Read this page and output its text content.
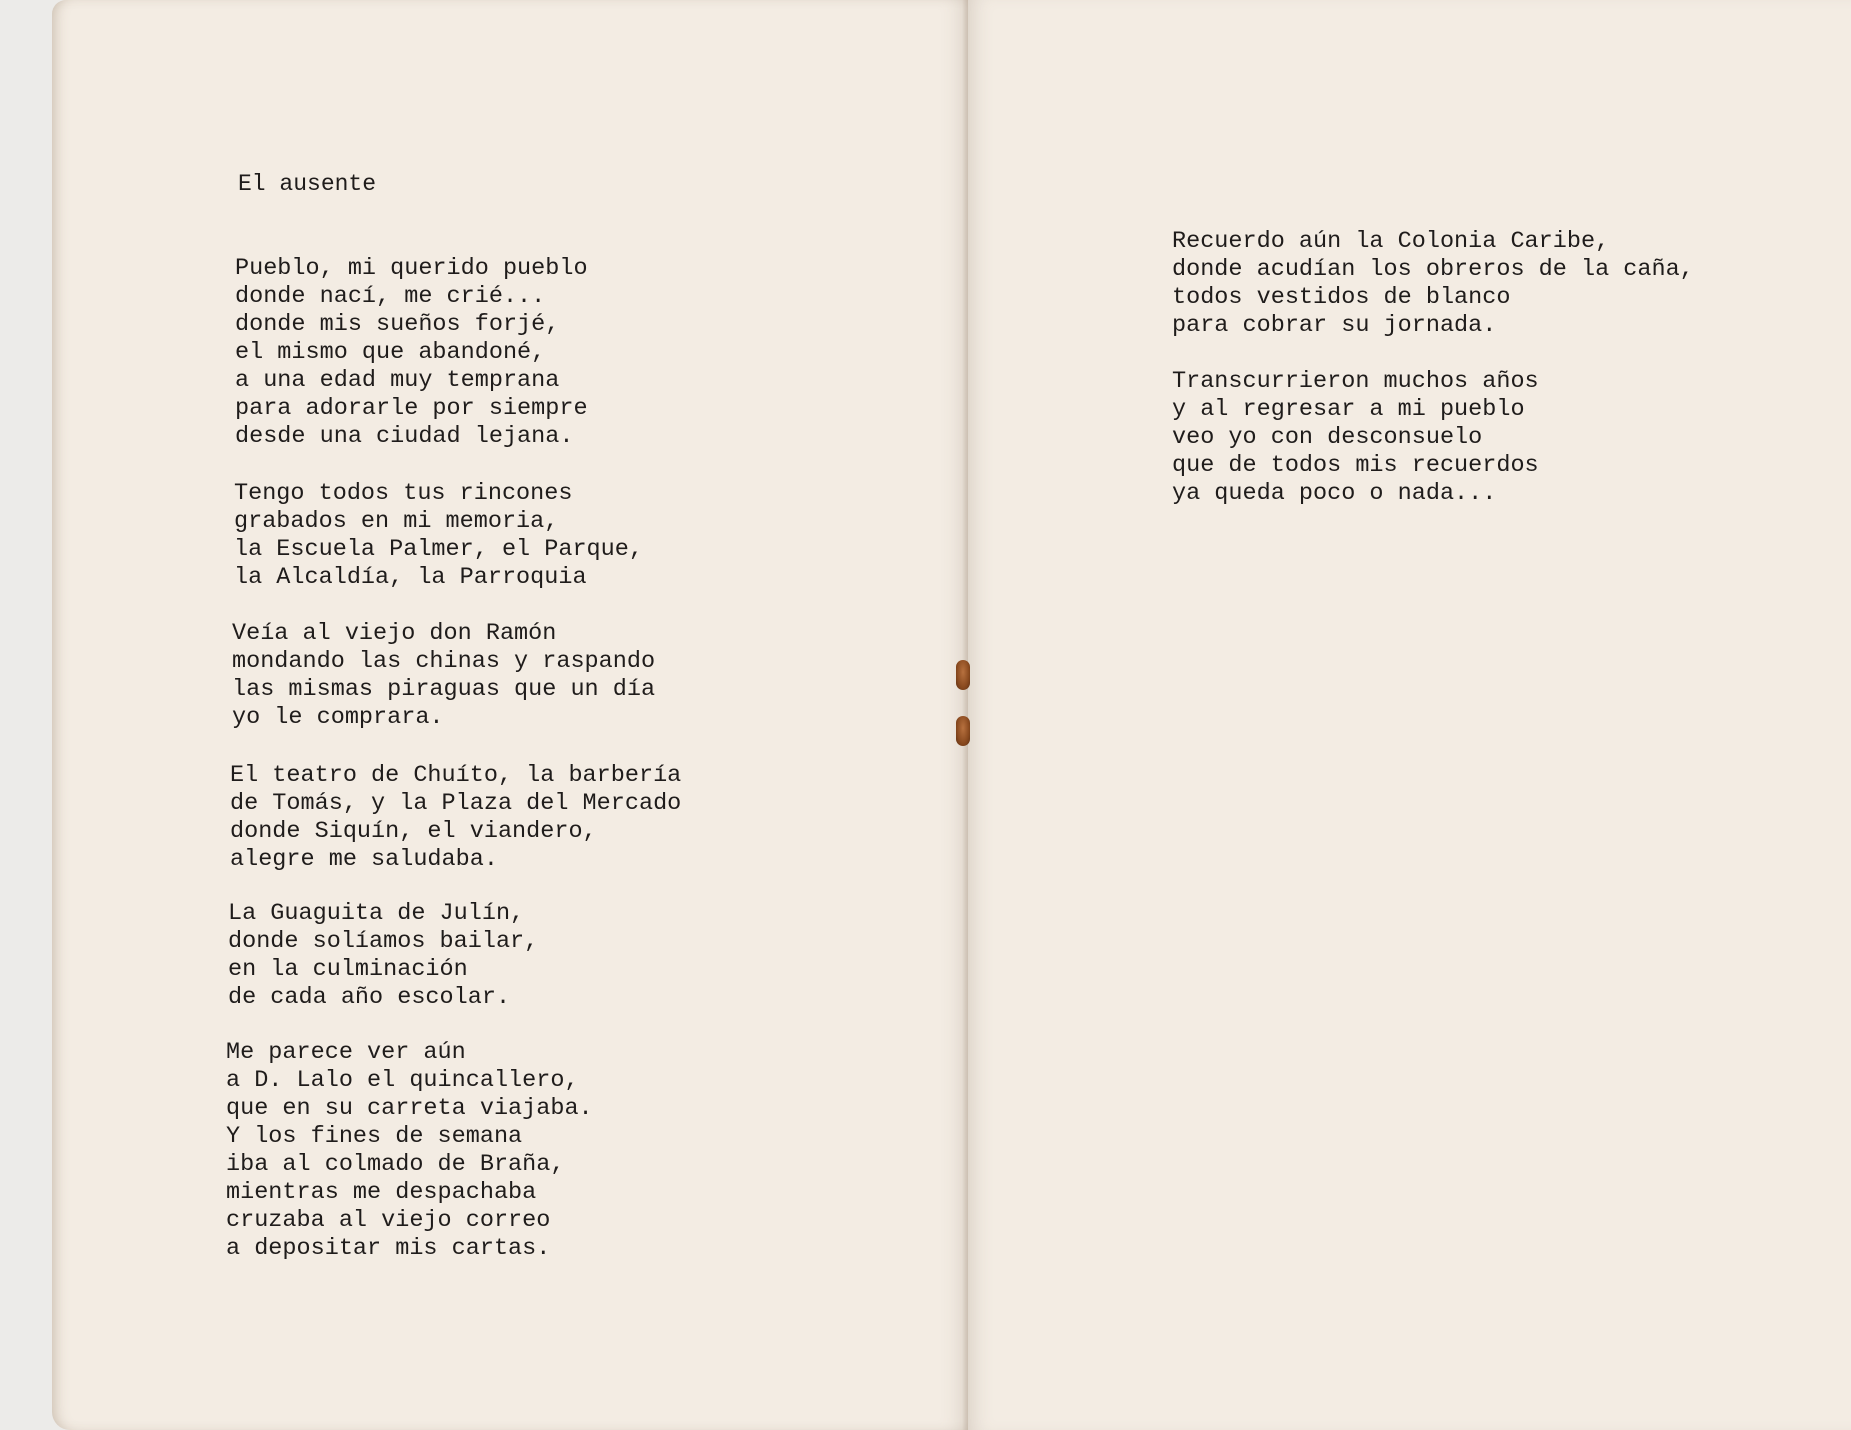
El ausente
Pueblo, mi querido pueblo
donde nací, me crié...
donde mis sueños forjé,
el mismo que abandoné,
a una edad muy temprana
para adorarle por siempre
desde una ciudad lejana.
Tengo todos tus rincones
grabados en mi memoria,
la Escuela Palmer, el Parque,
la Alcaldía, la Parroquia
Veía al viejo don Ramón
mondando las chinas y raspando
las mismas piraguas que un día
yo le comprara.
El teatro de Chuíto, la barbería
de Tomás, y la Plaza del Mercado
donde Siquín, el viandero,
alegre me saludaba.
La Guaguita de Julín,
donde solíamos bailar,
en la culminación
de cada año escolar.
Me parece ver aún
a D. Lalo el quincallero,
que en su carreta viajaba.
Y los fines de semana
iba al colmado de Braña,
mientras me despachaba
cruzaba al viejo correo
a depositar mis cartas.
Recuerdo aún la Colonia Caribe,
donde acudían los obreros de la caña,
todos vestidos de blanco
para cobrar su jornada.
Transcurrieron muchos años
y al regresar a mi pueblo
veo yo con desconsuelo
que de todos mis recuerdos
ya queda poco o nada...
